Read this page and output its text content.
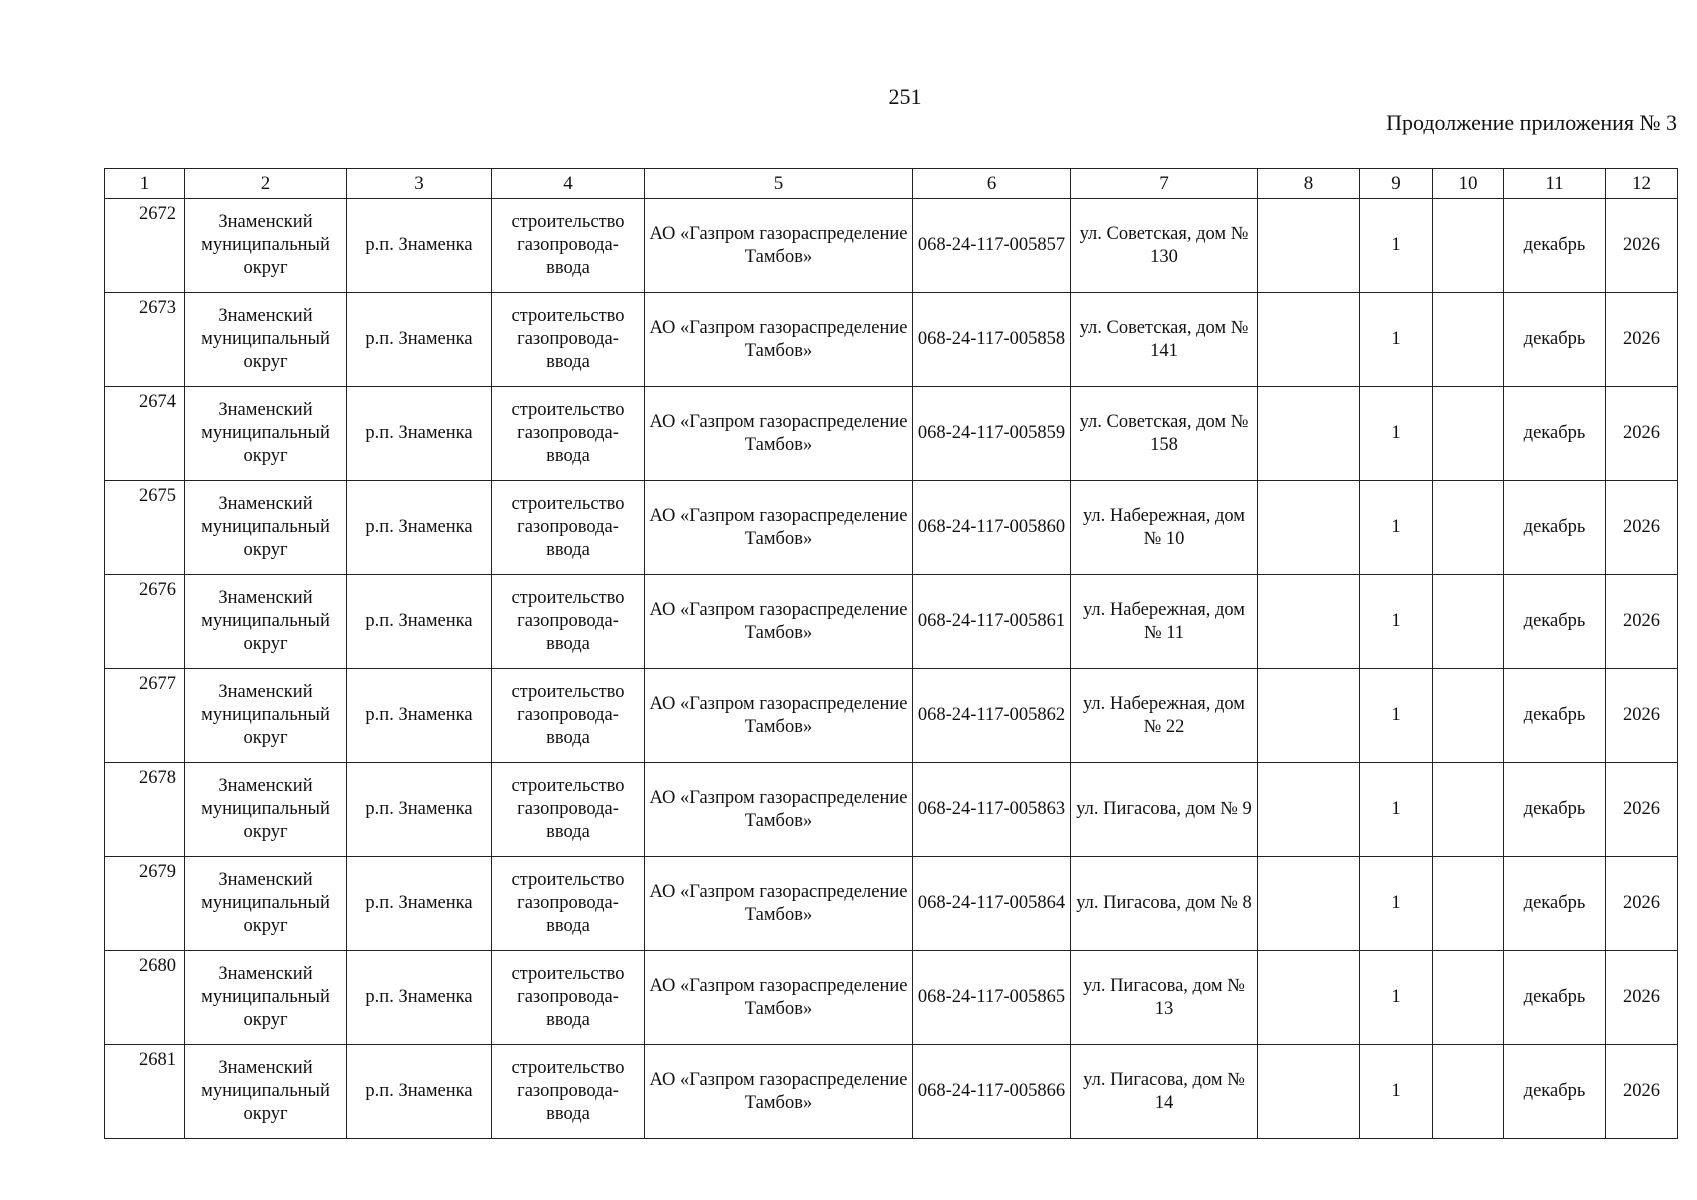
251
Продолжение приложения № 3
1	2	3	4	5	6	7	8	9	10	11	12
2672	Знаменский муниципальный округ	р.п. Знаменка	строительство газопровода-ввода	АО «Газпром газораспределение Тамбов»	068-24-117-005857	ул. Советская, дом № 130		1		декабрь	2026
2673	Знаменский муниципальный округ	р.п. Знаменка	строительство газопровода-ввода	АО «Газпром газораспределение Тамбов»	068-24-117-005858	ул. Советская, дом № 141		1		декабрь	2026
2674	Знаменский муниципальный округ	р.п. Знаменка	строительство газопровода-ввода	АО «Газпром газораспределение Тамбов»	068-24-117-005859	ул. Советская, дом № 158		1		декабрь	2026
2675	Знаменский муниципальный округ	р.п. Знаменка	строительство газопровода-ввода	АО «Газпром газораспределение Тамбов»	068-24-117-005860	ул. Набережная, дом № 10		1		декабрь	2026
2676	Знаменский муниципальный округ	р.п. Знаменка	строительство газопровода-ввода	АО «Газпром газораспределение Тамбов»	068-24-117-005861	ул. Набережная, дом № 11		1		декабрь	2026
2677	Знаменский муниципальный округ	р.п. Знаменка	строительство газопровода-ввода	АО «Газпром газораспределение Тамбов»	068-24-117-005862	ул. Набережная, дом № 22		1		декабрь	2026
2678	Знаменский муниципальный округ	р.п. Знаменка	строительство газопровода-ввода	АО «Газпром газораспределение Тамбов»	068-24-117-005863	ул. Пигасова, дом № 9		1		декабрь	2026
2679	Знаменский муниципальный округ	р.п. Знаменка	строительство газопровода-ввода	АО «Газпром газораспределение Тамбов»	068-24-117-005864	ул. Пигасова, дом № 8		1		декабрь	2026
2680	Знаменский муниципальный округ	р.п. Знаменка	строительство газопровода-ввода	АО «Газпром газораспределение Тамбов»	068-24-117-005865	ул. Пигасова, дом № 13		1		декабрь	2026
2681	Знаменский муниципальный округ	р.п. Знаменка	строительство газопровода-ввода	АО «Газпром газораспределение Тамбов»	068-24-117-005866	ул. Пигасова, дом № 14		1		декабрь	2026
